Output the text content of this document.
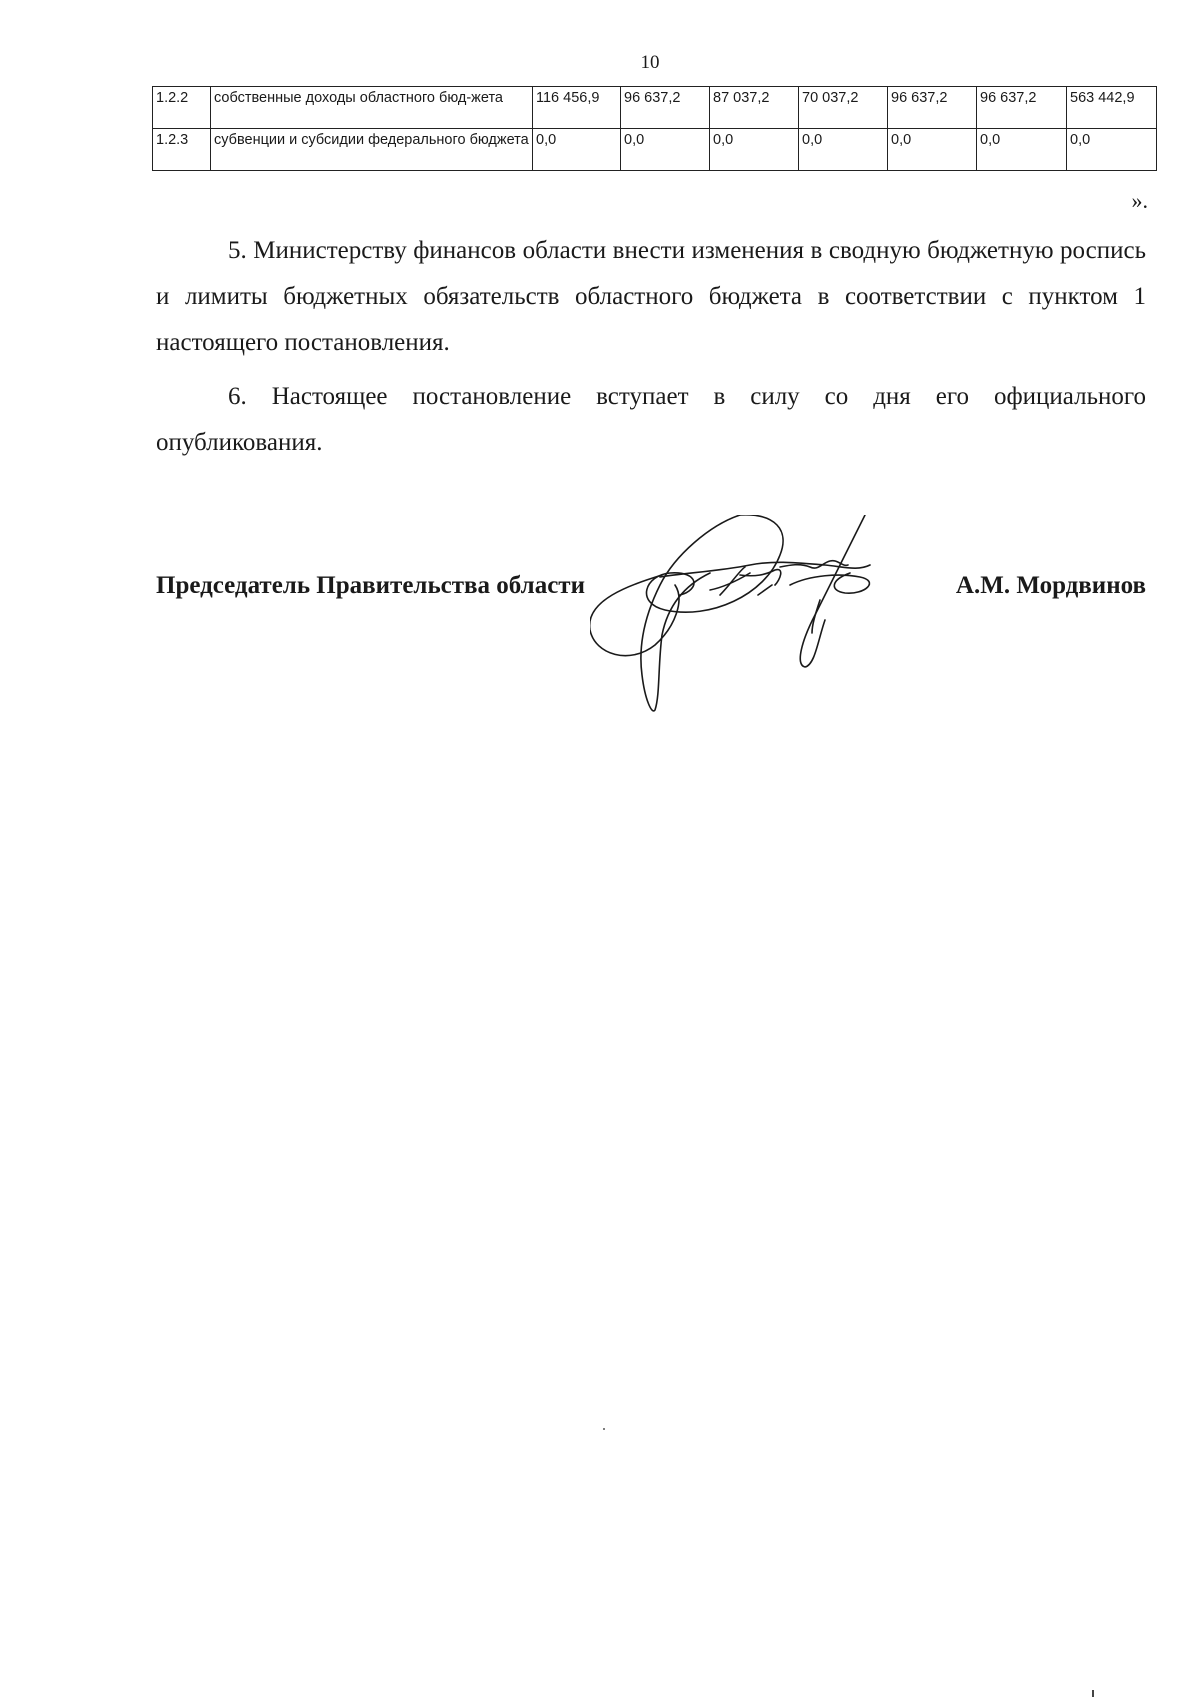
10
1.2.2	собственные доходы областного бюд-жета	116 456,9	96 637,2	87 037,2	70 037,2	96 637,2	96 637,2	563 442,9
1.2.3	субвенции и субсидии федерального бюджета	0,0	0,0	0,0	0,0	0,0	0,0	0,0
».

5. Министерству финансов области внести изменения в сводную бюджетную роспись и лимиты бюджетных обязательств областного бюджета в соответствии с пунктом 1 настоящего постановления.

6. Настоящее постановление вступает в силу со дня его официального опубликования.

Председатель Правительства области	А.М. Мордвинов
